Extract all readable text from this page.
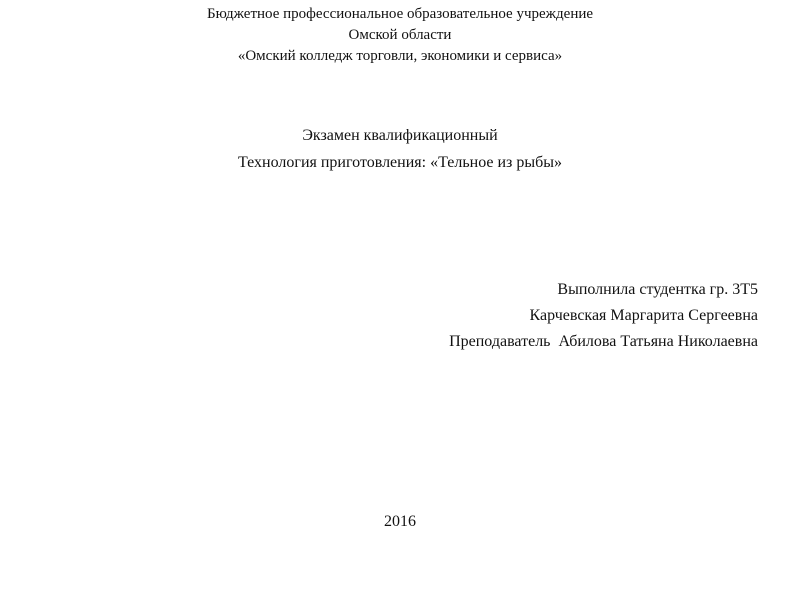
Бюджетное профессиональное образовательное учреждение
Омской области
«Омский колледж торговли, экономики и сервиса»
Экзамен квалификационный
Технология приготовления: «Тельное из рыбы»
Выполнила студентка гр. 3Т5
Карчевская Маргарита Сергеевна
Преподаватель  Абилова Татьяна Николаевна
2016
